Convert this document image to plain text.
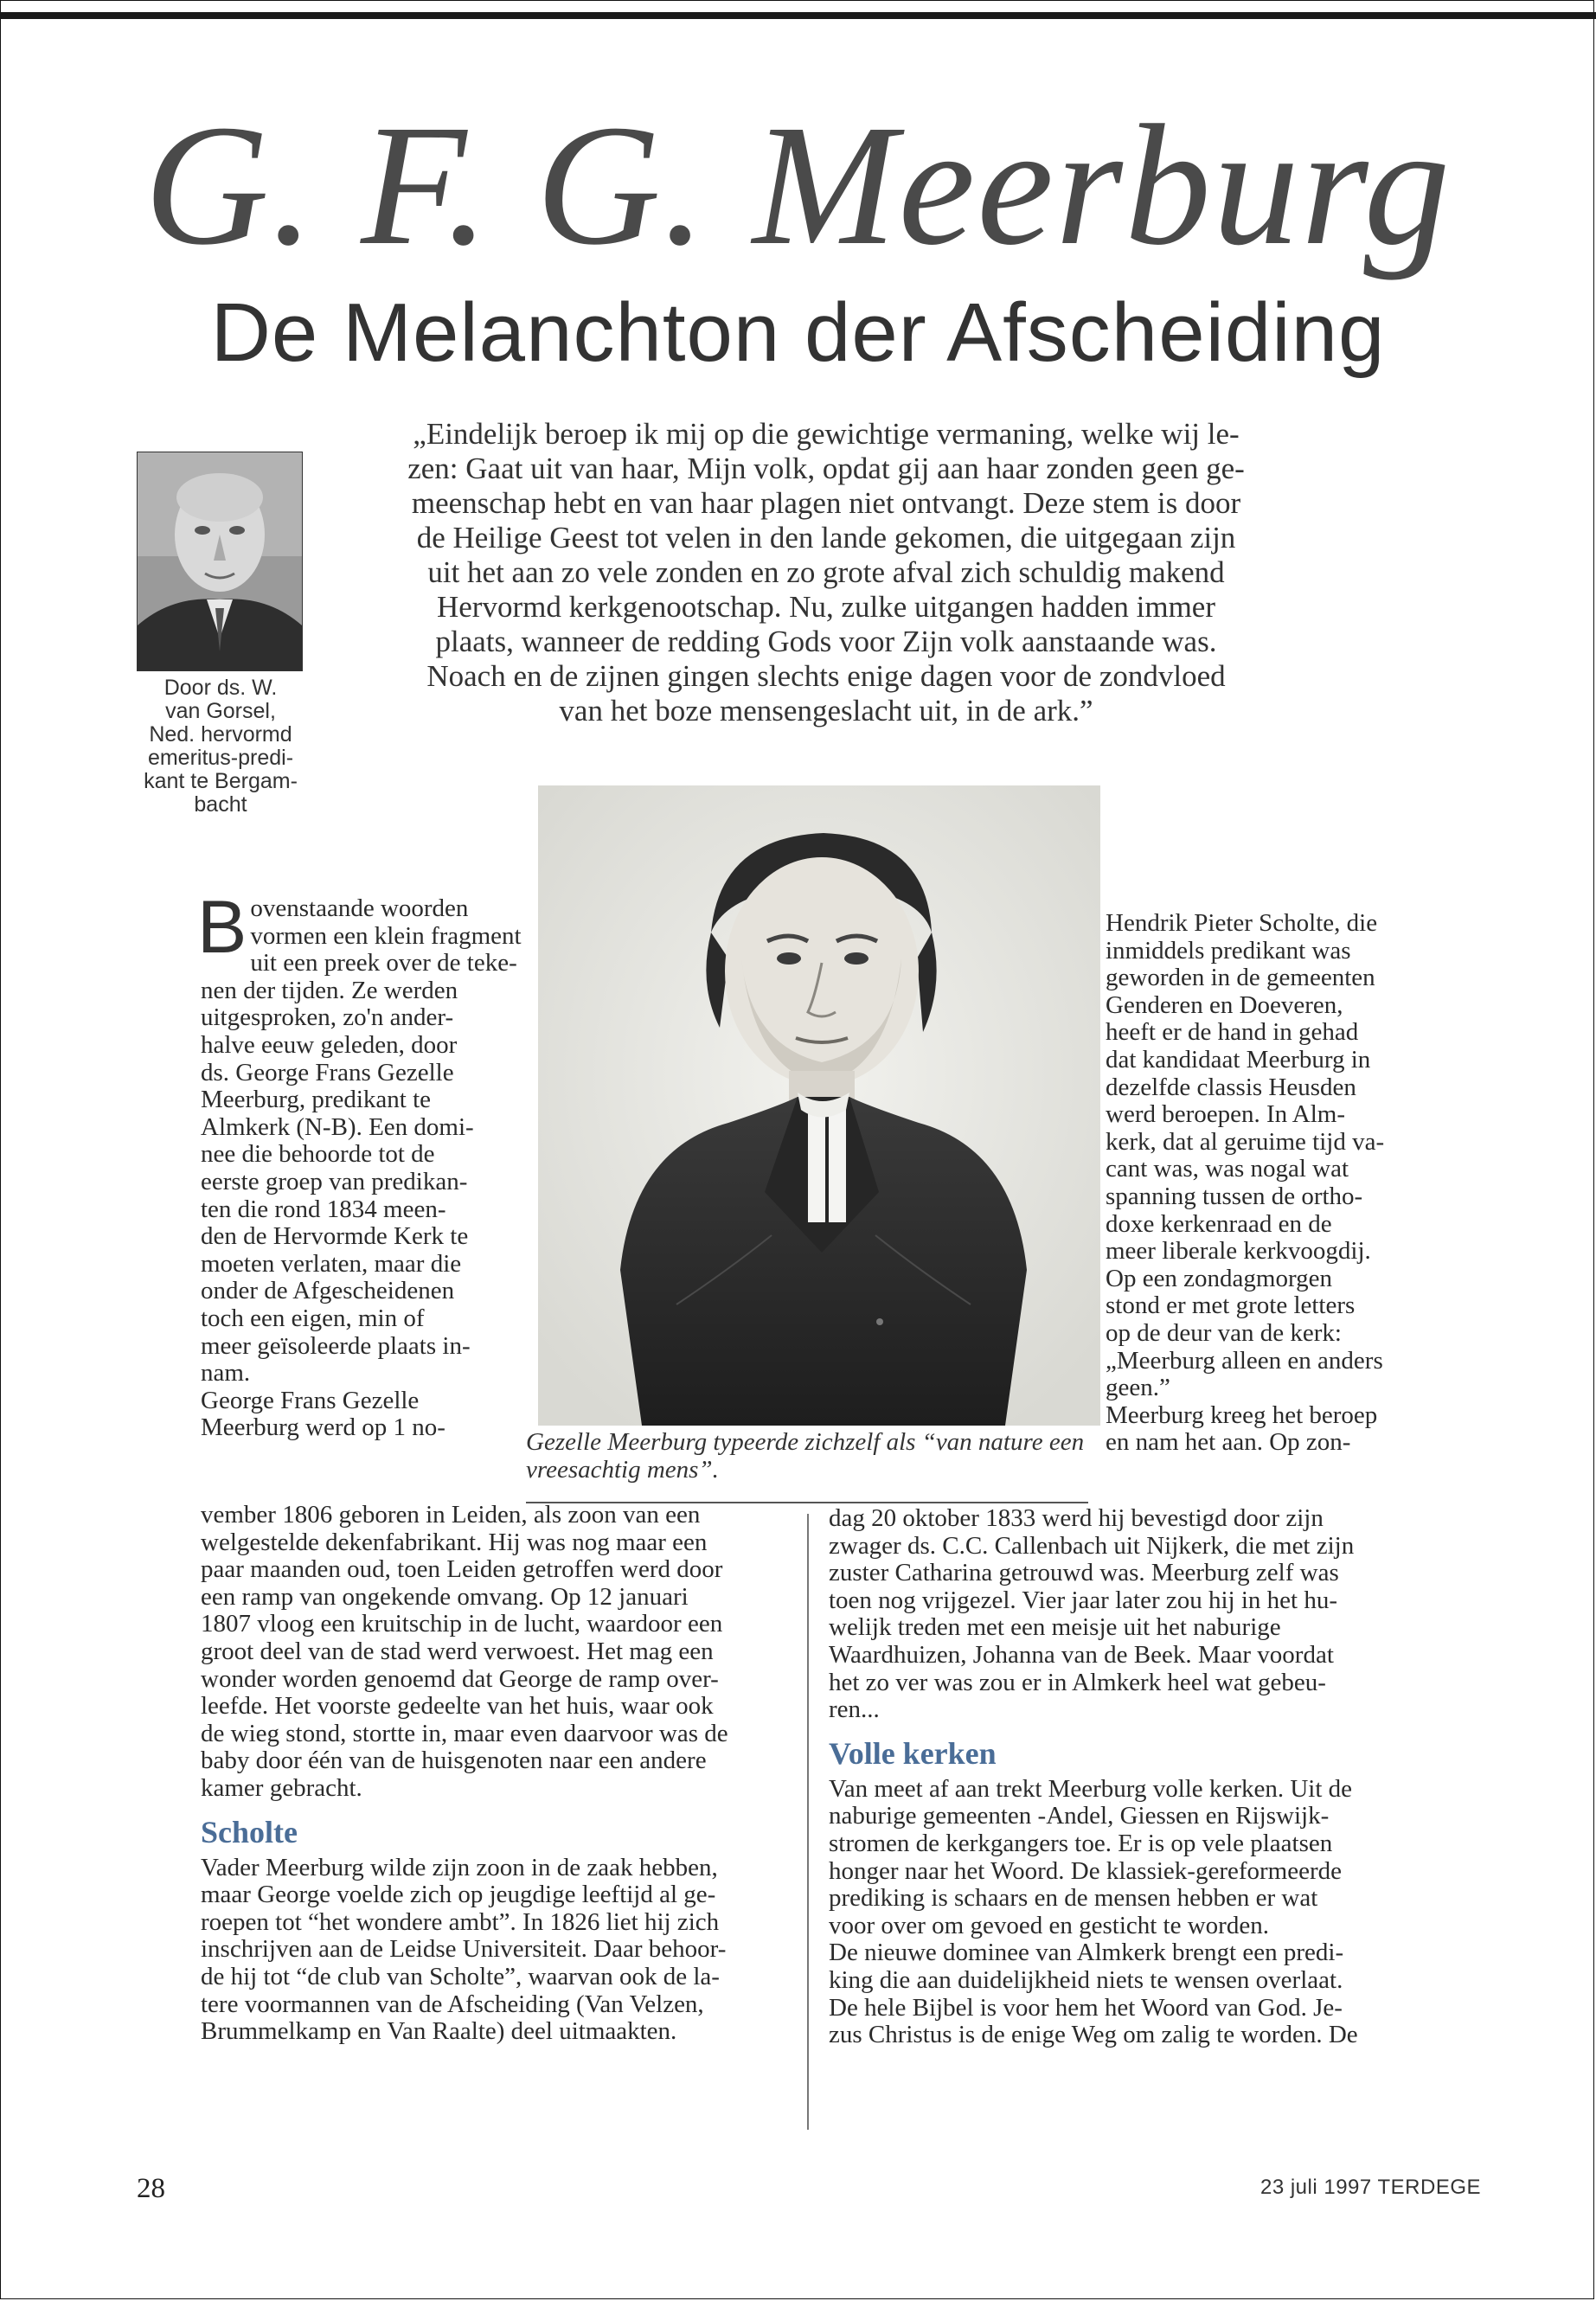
G. F. G. Meerburg
De Melanchton der Afscheiding
Door ds. W.
van Gorsel,
Ned. hervormd
emeritus-predi-
kant te Bergam-
bacht

„Eindelijk beroep ik mij op die gewichtige vermaning, welke wij le-

zen: Gaat uit van haar, Mijn volk, opdat gij aan haar zonden geen ge-

meenschap hebt en van haar plagen niet ontvangt. Deze stem is door

de Heilige Geest tot velen in den lande gekomen, die uitgegaan zijn

uit het aan zo vele zonden en zo grote afval zich schuldig makend

Hervormd kerkgenootschap. Nu, zulke uitgangen hadden immer

plaats, wanneer de redding Gods voor Zijn volk aanstaande was.

Noach en de zijnen gingen slechts enige dagen voor de zondvloed

van het boze mensengeslacht uit, in de ark.”

Gezelle Meerburg typeerde zichzelf als “van nature een vreesachtig mens”.
B ovenstaande woorden
vormen een klein fragment
uit een preek over de teke-
nen der tijden. Ze werden
uitgesproken, zo'n ander-
halve eeuw geleden, door
ds. George Frans Gezelle
Meerburg, predikant te
Almkerk (N-B). Een domi-
nee die behoorde tot de
eerste groep van predikan-
ten die rond 1834 meen-
den de Hervormde Kerk te
moeten verlaten, maar die
onder de Afgescheidenen
toch een eigen, min of
meer geïsoleerde plaats in-
nam.
George Frans Gezelle
Meerburg werd op 1 no-
Hendrik Pieter Scholte, die
inmiddels predikant was
geworden in de gemeenten
Genderen en Doeveren,
heeft er de hand in gehad
dat kandidaat Meerburg in
dezelfde classis Heusden
werd beroepen. In Alm-
kerk, dat al geruime tijd va-
cant was, was nogal wat
spanning tussen de ortho-
doxe kerkenraad en de
meer liberale kerkvoogdij.
Op een zondagmorgen
stond er met grote letters
op de deur van de kerk:
„Meerburg alleen en anders
geen.”
Meerburg kreeg het beroep
en nam het aan. Op zon-
vember 1806 geboren in Leiden, als zoon van een
welgestelde dekenfabrikant. Hij was nog maar een
paar maanden oud, toen Leiden getroffen werd door
een ramp van ongekende omvang. Op 12 januari
1807 vloog een kruitschip in de lucht, waardoor een
groot deel van de stad werd verwoest. Het mag een
wonder worden genoemd dat George de ramp over-
leefde. Het voorste gedeelte van het huis, waar ook
de wieg stond, stortte in, maar even daarvoor was de
baby door één van de huisgenoten naar een andere
kamer gebracht.

Scholte

Vader Meerburg wilde zijn zoon in de zaak hebben,
maar George voelde zich op jeugdige leeftijd al ge-
roepen tot “het wondere ambt”. In 1826 liet hij zich
inschrijven aan de Leidse Universiteit. Daar behoor-
de hij tot “de club van Scholte”, waarvan ook de la-
tere voormannen van de Afscheiding (Van Velzen,
Brummelkamp en Van Raalte) deel uitmaakten.
dag 20 oktober 1833 werd hij bevestigd door zijn
zwager ds. C.C. Callenbach uit Nijkerk, die met zijn
zuster Catharina getrouwd was. Meerburg zelf was
toen nog vrijgezel. Vier jaar later zou hij in het hu-
welijk treden met een meisje uit het naburige
Waardhuizen, Johanna van de Beek. Maar voordat
het zo ver was zou er in Almkerk heel wat gebeu-
ren...

Volle kerken

Van meet af aan trekt Meerburg volle kerken. Uit de
naburige gemeenten -Andel, Giessen en Rijswijk-
stromen de kerkgangers toe. Er is op vele plaatsen
honger naar het Woord. De klassiek-gereformeerde
prediking is schaars en de mensen hebben er wat
voor over om gevoed en gesticht te worden.
De nieuwe dominee van Almkerk brengt een predi-
king die aan duidelijkheid niets te wensen overlaat.
De hele Bijbel is voor hem het Woord van God. Je-
zus Christus is de enige Weg om zalig te worden. De
28	23 juli 1997 TERDEGE
